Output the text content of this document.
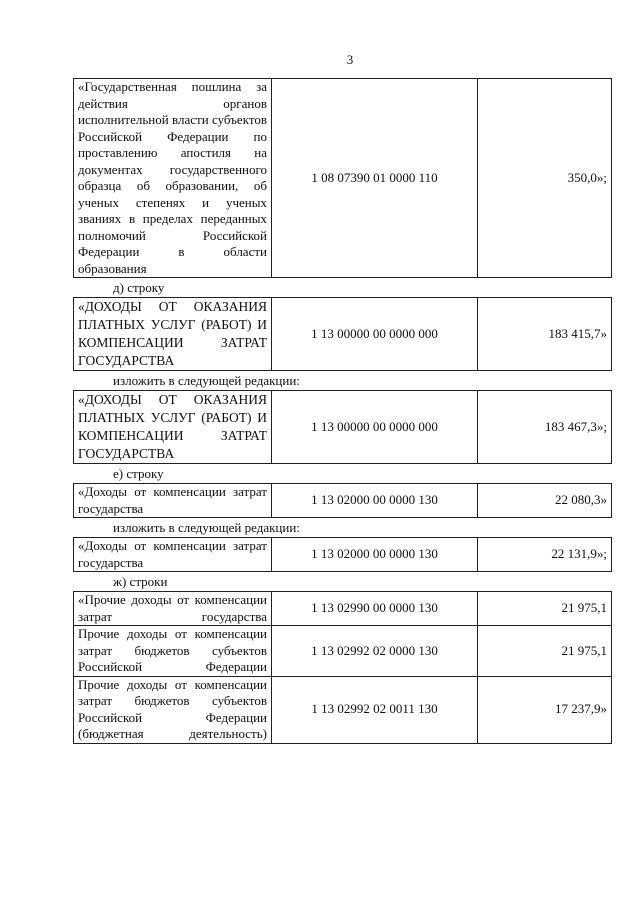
3
«Государственная пошлина за действия органов исполнительной власти субъектов Российской Федерации по проставлению апостиля на документах государственного образца об образовании, об ученых степенях и ученых званиях в пределах переданных полномочий Российской Федерации в области образования	1 08 07390 01 0000 110	350,0»;
д) строку
«ДОХОДЫ ОТ ОКАЗАНИЯ ПЛАТНЫХ УСЛУГ (РАБОТ) И КОМПЕНСАЦИИ ЗАТРАТ ГОСУДАРСТВА	1 13 00000 00 0000 000	183 415,7»
изложить в следующей редакции:
«ДОХОДЫ ОТ ОКАЗАНИЯ ПЛАТНЫХ УСЛУГ (РАБОТ) И КОМПЕНСАЦИИ ЗАТРАТ ГОСУДАРСТВА	1 13 00000 00 0000 000	183 467,3»;
е) строку
«Доходы от компенсации затрат государства	1 13 02000 00 0000 130	22 080,3»
изложить в следующей редакции:
«Доходы от компенсации затрат государства	1 13 02000 00 0000 130	22 131,9»;
ж) строки
«Прочие доходы от компенсации затрат государства	1 13 02990 00 0000 130	21 975,1
Прочие доходы от компенсации затрат бюджетов субъектов Российской Федерации	1 13 02992 02 0000 130	21 975,1
Прочие доходы от компенсации затрат бюджетов субъектов Российской Федерации (бюджетная деятельность)	1 13 02992 02 0011 130	17 237,9»
